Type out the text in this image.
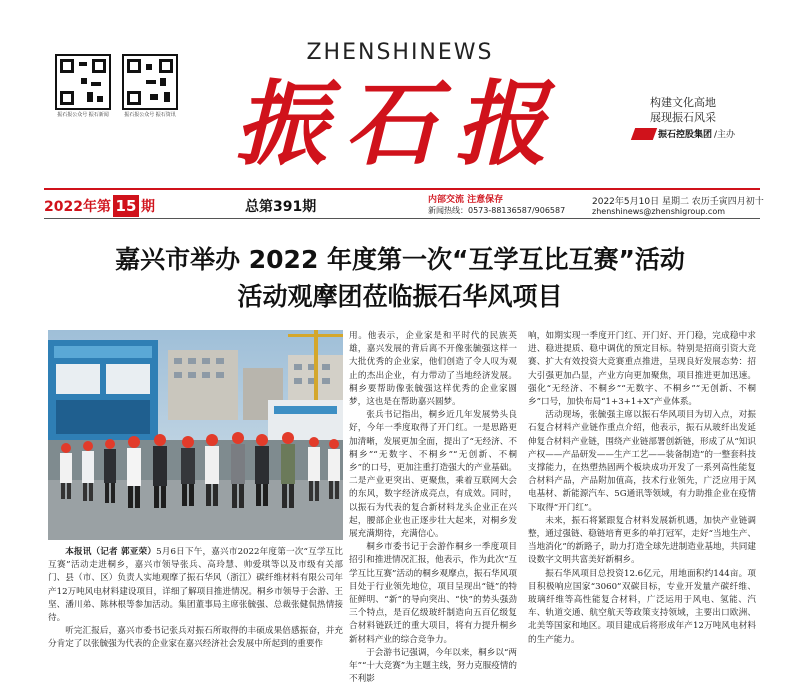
ZHENSHINEWS
振石报公众号 振石新闻	振石报公众号 振石资讯 振石报	构建文化高地
展现振石风采
振石控股集团 /主办
2022年第 15 期	总第391期	内部交流 注意保存
新闻热线：0573-88136587/906587
2022年5月10日 星期二 农历壬寅四月初十
zhenshinews@zhenshigroup.com
嘉兴市举办 2022 年度第一次“互学互比互赛”活动
活动观摩团莅临振石华风项目

本报讯（记者 郭亚荣）5月6日下午，嘉兴市2022年度第一次“互学互比互赛”活动走进桐乡，嘉兴市领导张兵、高玲慧、帅爱琪等以及市级有关部门、县（市、区）负责人实地观摩了振石华风（浙江）碳纤维材料有限公司年产12万吨风电材料建设项目，详细了解项目推进情况。桐乡市领导于会游、王坚、潘川弟、陈林根等参加活动。集团董事局主席张毓强、总裁张健侃热情接待。

听完汇报后，嘉兴市委书记张兵对振石所取得的丰硕成果倍感振奋，并充分肯定了以张毓强为代表的企业家在嘉兴经济社会发展中所起到的重要作

用。他表示，企业家是和平时代的民族英雄，嘉兴发展的背后离不开像张毓强这样一大批优秀的企业家，他们创造了令人叹为观止的杰出企业，有力带动了当地经济发展。桐乡要帮助像张毓强这样优秀的企业家圆梦，这也是在帮助嘉兴圆梦。

张兵书记指出，桐乡近几年发展势头良好，今年一季度取得了开门红。一是思路更加清晰，发展更加全面，提出了“无经济、不桐乡”“无数字、不桐乡”“无创新、不桐乡”的口号，更加注重打造强大的产业基础。二是产业更突出、更聚焦，乘着互联网大会的东风，数字经济成亮点，有成效。同时，以振石为代表的复合新材料龙头企业正在兴起，腰部企业也正逐步壮大起来，对桐乡发展充满期待，充满信心。

桐乡市委书记于会游作桐乡一季度项目招引和推进情况汇报，他表示，作为此次“互学互比互赛”活动的桐乡观摩点，振石华风项目处于行业领先地位，项目呈现出“链”的特征鲜明、“新”的导向突出、“快”的势头强劲三个特点，是百亿级玻纤制造向五百亿级复合材料链跃迁的重大项目，将有力提升桐乡新材料产业的综合竞争力。

于会游书记强调，今年以来，桐乡以“两年”“十大竞赛”为主题主线，努力克服疫情的不利影

响，如期实现一季度开门红、开门好、开门稳，完成稳中求进、稳进提质、稳中调优的预定目标。特别是招商引资大竞赛、扩大有效投资大竞赛重点推进，呈现良好发展态势：招大引强更加凸显，产业方向更加聚焦，项目推进更加迅速。强化“无经济、不桐乡”“无数字、不桐乡”“无创新、不桐乡”口号，加快布局“1+3+1+X”产业体系。

活动现场，张毓强主席以振石华风项目为切入点，对振石复合材料产业链作重点介绍，他表示，振石从玻纤出发延伸复合材料产业链，围绕产业链部署创新链，形成了从“知识产权——产品研发——生产工艺——装备制造”的一整套科技支撑能力，在热塑热固两个板块成功开发了一系列高性能复合材料产品，产品附加值高，技术行业领先，广泛应用于风电基材、新能源汽车、5G通讯等领域，有力助推企业在疫情下取得“开门红”。

未来，振石将紧跟复合材料发展新机遇，加快产业链调整，通过强链、稳链培育更多的单打冠军，走好“当地生产、当地消化”的新路子，助力打造全球先进制造业基地，共同建设数字文明共富美好新桐乡。

振石华风项目总投资12.6亿元，用地面积约144亩。项目积极响应国家“3060”双碳目标，专业开发量产碳纤维、玻璃纤维等高性能复合材料，广泛运用于风电、氢能、汽车、轨道交通、航空航天等政策支持领域，主要出口欧洲、北美等国家和地区。项目建成后将形成年产12万吨风电材料的生产能力。
